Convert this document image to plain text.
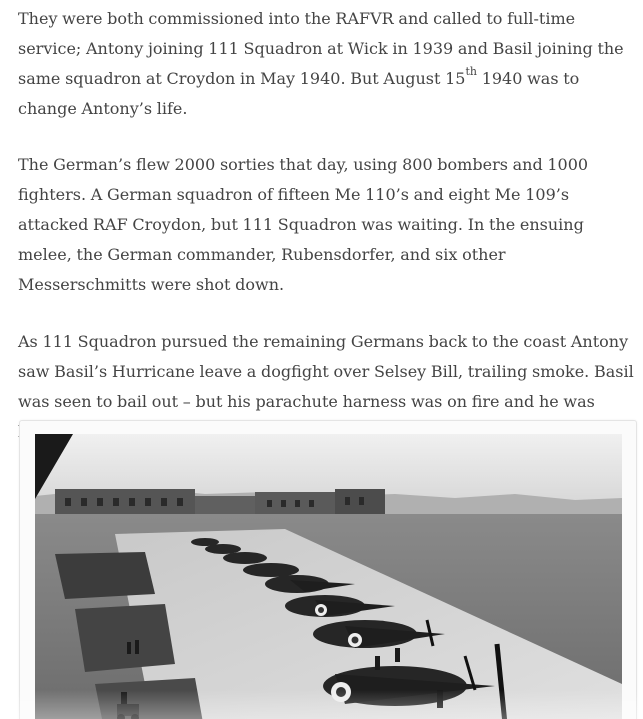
They were both commissioned into the RAFVR and called to full-time service; Antony joining 111 Squadron at Wick in 1939 and Basil joining the same squadron at Croydon in May 1940. But August 15th 1940 was to change Antony’s life.

The German’s flew 2000 sorties that day, using 800 bombers and 1000 fighters. A German squadron of fifteen Me 110’s and eight Me 109’s attacked RAF Croydon, but 111 Squadron was waiting. In the ensuing melee, the German commander, Rubensdorfer, and six other Messerschmitts were shot down.

As 111 Squadron pursued the remaining Germans back to the coast Antony saw Basil’s Hurricane leave a dogfight over Selsey Bill, trailing smoke. Basil was seen to bail out – but his parachute harness was on fire and he was
